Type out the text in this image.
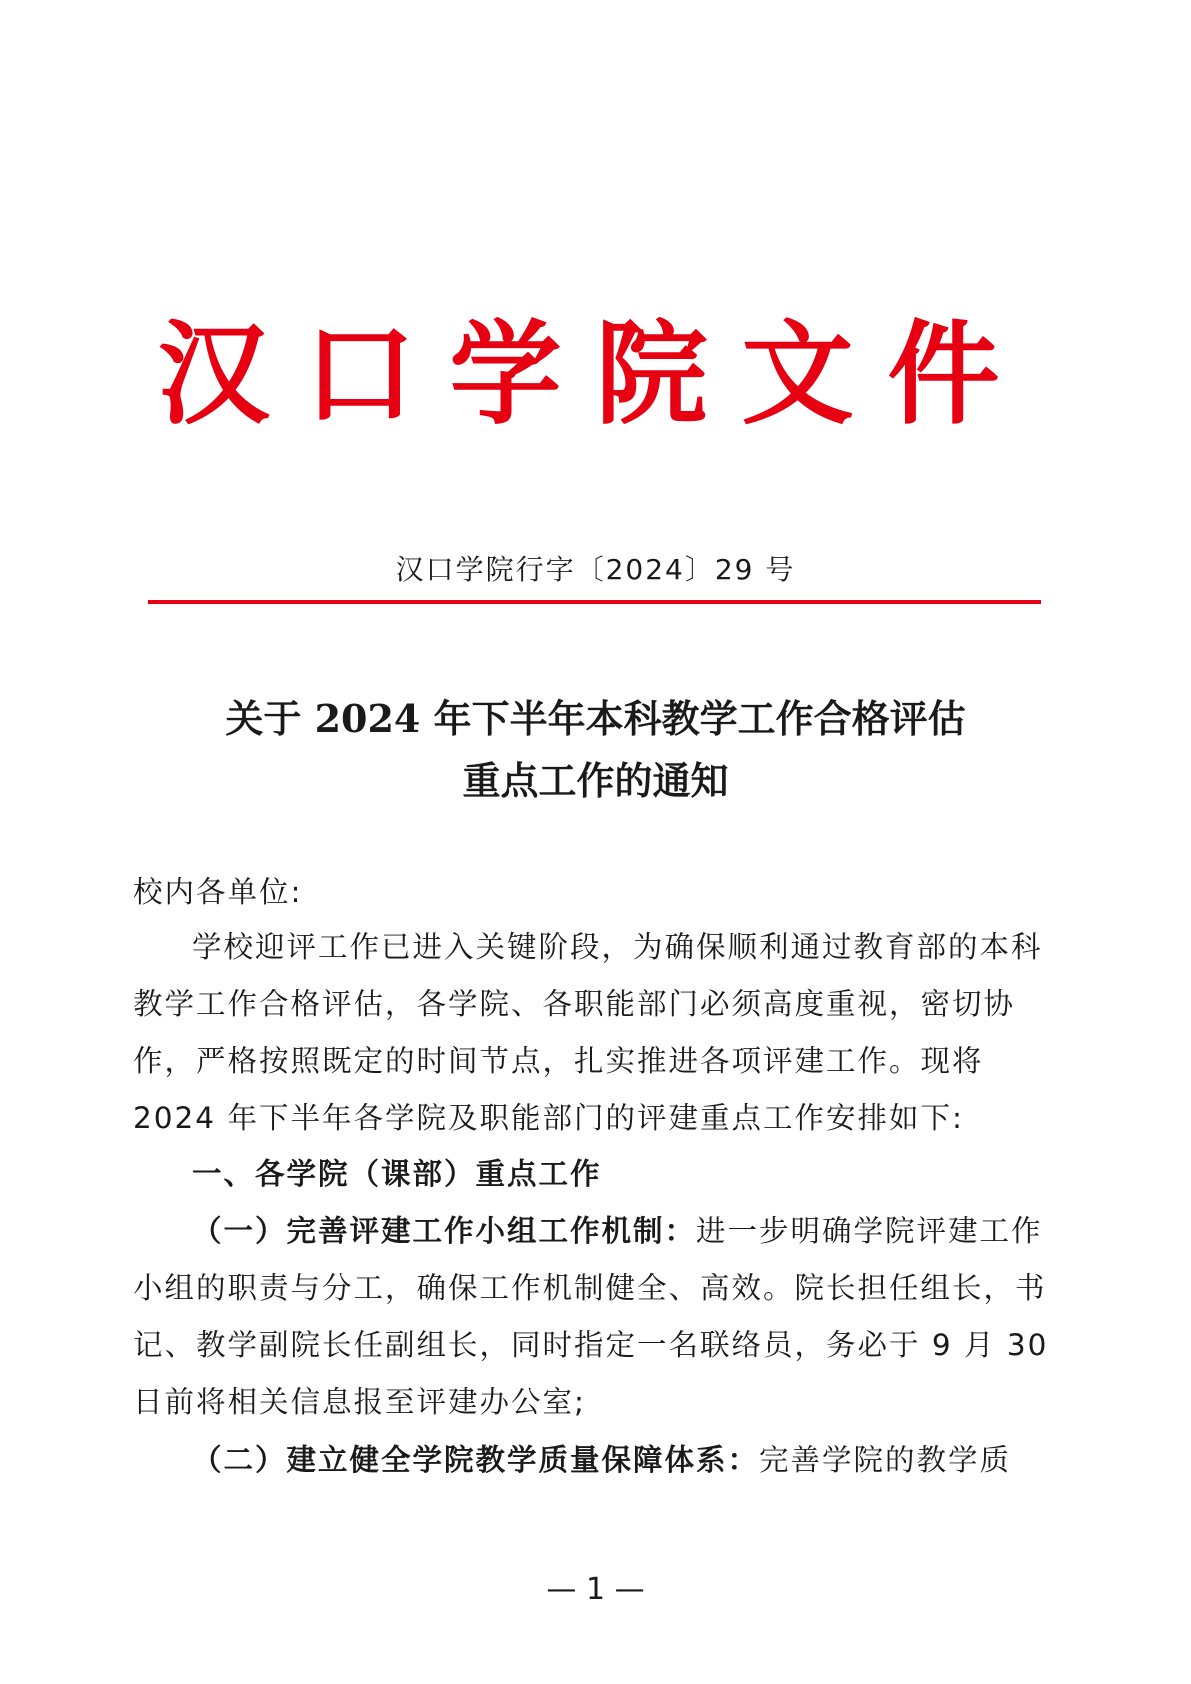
汉口学院文件
汉口学院行字〔2024〕29 号
关于 2024 年下半年本科教学工作合格评估
重点工作的通知
校内各单位:

学校迎评工作已进入关键阶段，为确保顺利通过教育部的本科教学工作合格评估，各学院、各职能部门必须高度重视，密切协作，严格按照既定的时间节点，扎实推进各项评建工作。现将 2024 年下半年各学院及职能部门的评建重点工作安排如下:

一、各学院（课部）重点工作

（一）完善评建工作小组工作机制：进一步明确学院评建工作小组的职责与分工，确保工作机制健全、高效。院长担任组长，书记、教学副院长任副组长，同时指定一名联络员，务必于 9 月 30 日前将相关信息报至评建办公室;

（二）建立健全学院教学质量保障体系：完善学院的教学质

— 1 —
